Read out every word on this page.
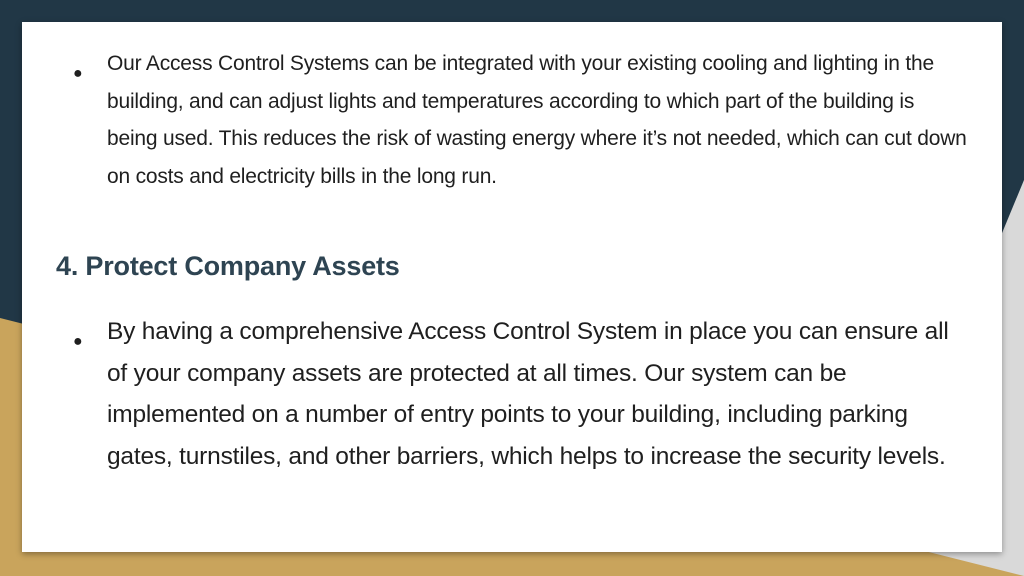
● Our Access Control Systems can be integrated with your existing cooling and lighting in the building, and can adjust lights and temperatures according to which part of the building is being used. This reduces the risk of wasting energy where it’s not needed, which can cut down on costs and electricity bills in the long run.
4. Protect Company Assets
● By having a comprehensive Access Control System in place you can ensure all of your company assets are protected at all times. Our system can be implemented on a number of entry points to your building, including parking gates, turnstiles, and other barriers, which helps to increase the security levels.
